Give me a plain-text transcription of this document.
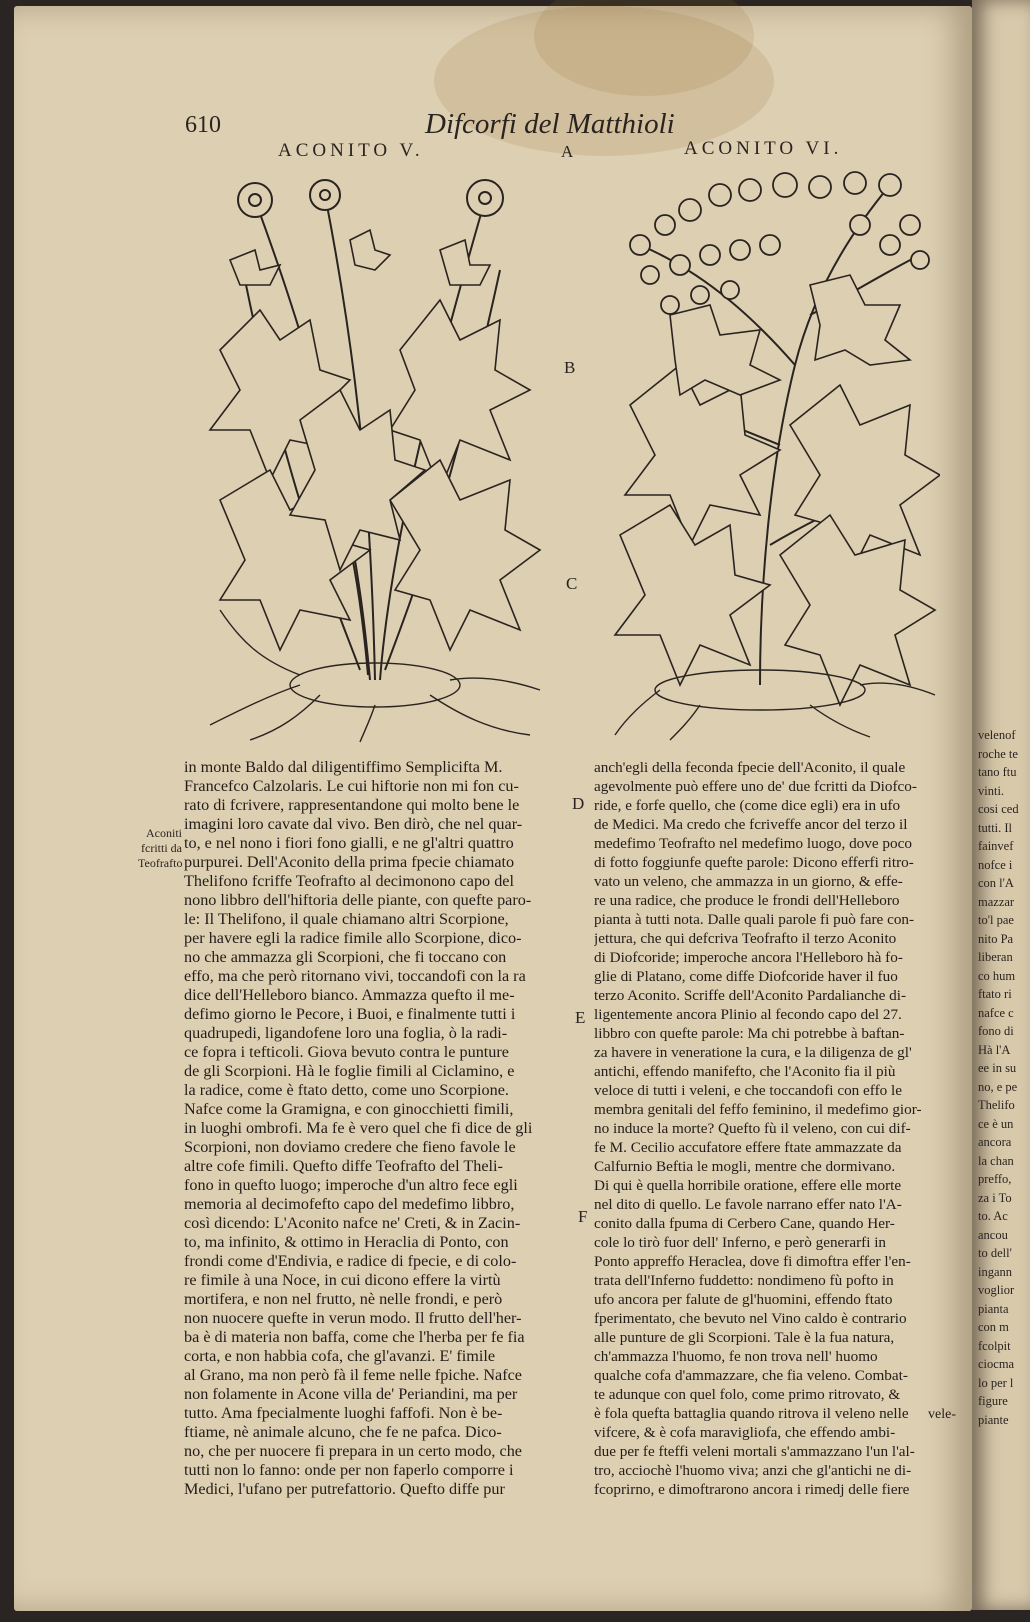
velenof
roche te
tano ftu
vinti.
cosi ced
tutti. Il
fainvef
nofce i
con l'A
mazzar
to'l pae
nito Pa
liberan
co hum
ftato ri
nafce c
fono di
Hà l'A
ee in su
no, e pe
Thelifo
ce è un
ancora
la chan
preffo,
za i To
to. Ac
ancou
to dell'
ingann
voglior
pianta
con m
fcolpit
ciocma
lo per l
figure
piante
610	Difcorfi del Matthioli
ACONITO V.	ACONITO VI.
A
B
C
D
E
F
Aconiti
fcritti da
Teofrafto
in monte Baldo dal diligentiffimo Semplicifta M.
Francefco Calzolaris. Le cui hiftorie non mi fon cu-
rato di fcrivere, rappresentandone qui molto bene le
imagini loro cavate dal vivo. Ben dirò, che nel quar-
to, e nel nono i fiori fono gialli, e ne gl'altri quattro
purpurei. Dell'Aconito della prima fpecie chiamato
Thelifono fcriffe Teofrafto al decimonono capo del
nono libbro dell'hiftoria delle piante, con quefte paro-
le: Il Thelifono, il quale chiamano altri Scorpione,
per havere egli la radice fimile allo Scorpione, dico-
no che ammazza gli Scorpioni, che fi toccano con
effo, ma che però ritornano vivi, toccandofi con la ra
dice dell'Helleboro bianco. Ammazza quefto il me-
defimo giorno le Pecore, i Buoi, e finalmente tutti i
quadrupedi, ligandofene loro una foglia, ò la radi-
ce fopra i tefticoli. Giova bevuto contra le punture
de gli Scorpioni. Hà le foglie fimili al Ciclamino, e
la radice, come è ftato detto, come uno Scorpione.
Nafce come la Gramigna, e con ginocchietti fimili,
in luoghi ombrofi. Ma fe è vero quel che fi dice de gli
Scorpioni, non doviamo credere che fieno favole le
altre cofe fimili. Quefto diffe Teofrafto del Theli-
fono in quefto luogo; imperoche d'un altro fece egli
memoria al decimofefto capo del medefimo libbro,
così dicendo: L'Aconito nafce ne' Creti, & in Zacin-
to, ma infinito, & ottimo in Heraclia di Ponto, con
frondi come d'Endivia, e radice di fpecie, e di colo-
re fimile à una Noce, in cui dicono effere la virtù
mortifera, e non nel frutto, nè nelle frondi, e però
non nuocere quefte in verun modo. Il frutto dell'her-
ba è di materia non baffa, come che l'herba per fe fia
corta, e non habbia cofa, che gl'avanzi. E' fimile
al Grano, ma non però fà il feme nelle fpiche. Nafce
non folamente in Acone villa de' Periandini, ma per
tutto. Ama fpecialmente luoghi faffofi. Non è be-
ftiame, nè animale alcuno, che fe ne pafca. Dico-
no, che per nuocere fi prepara in un certo modo, che
tutti non lo fanno: onde per non faperlo comporre i
Medici, l'ufano per putrefattorio. Quefto diffe pur
anch'egli della feconda fpecie dell'Aconito, il quale
agevolmente può effere uno de' due fcritti da Diofco-
ride, e forfe quello, che (come dice egli) era in ufo
de Medici. Ma credo che fcriveffe ancor del terzo il
medefimo Teofrafto nel medefimo luogo, dove poco
di fotto foggiunfe quefte parole: Dicono efferfi ritro-
vato un veleno, che ammazza in un giorno, & effe-
re una radice, che produce le frondi dell'Helleboro
pianta à tutti nota. Dalle quali parole fi può fare con-
jettura, che qui defcriva Teofrafto il terzo Aconito
di Diofcoride; imperoche ancora l'Helleboro hà fo-
glie di Platano, come diffe Diofcoride haver il fuo
terzo Aconito. Scriffe dell'Aconito Pardalianche di-
ligentemente ancora Plinio al fecondo capo del 27.
libbro con quefte parole: Ma chi potrebbe à baftan-
za havere in veneratione la cura, e la diligenza de gl'
antichi, effendo manifefto, che l'Aconito fia il più
veloce di tutti i veleni, e che toccandofi con effo le
membra genitali del feffo feminino, il medefimo gior-
no induce la morte? Quefto fù il veleno, con cui dif-
fe M. Cecilio accufatore effere ftate ammazzate da
Calfurnio Beftia le mogli, mentre che dormivano.
Di qui è quella horribile oratione, effere elle morte
nel dito di quello. Le favole narrano effer nato l'A-
conito dalla fpuma di Cerbero Cane, quando Her-
cole lo tirò fuor dell' Inferno, e però generarfi in
Ponto appreffo Heraclea, dove fi dimoftra effer l'en-
trata dell'Inferno fuddetto: nondimeno fù pofto in
ufo ancora per falute de gl'huomini, effendo ftato
fperimentato, che bevuto nel Vino caldo è contrario
alle punture de gli Scorpioni. Tale è la fua natura,
ch'ammazza l'huomo, fe non trova nell' huomo
qualche cofa d'ammazzare, che fia veleno. Combat-
te adunque con quel folo, come primo ritrovato, &
è fola quefta battaglia quando ritrova il veleno nelle
vifcere, & è cofa maravigliofa, che effendo ambi-
due per fe fteffi veleni mortali s'ammazzano l'un l'al-
tro, acciochè l'huomo viva; anzi che gl'antichi ne di-
fcoprirno, e dimoftrarono ancora i rimedj delle fiere
vele-
